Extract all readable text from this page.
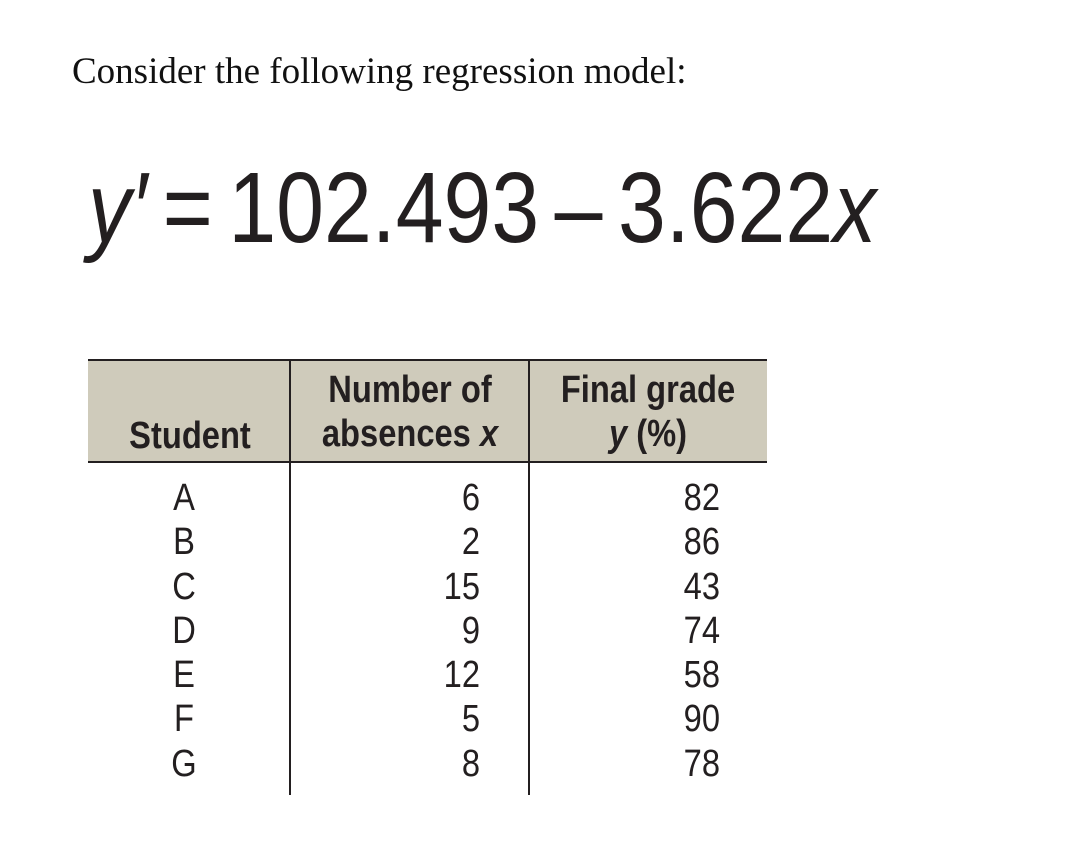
Consider the following regression model:

y′ = 102.493 – 3.622x
Student
Number of
absences x
Final grade
y (%)
A
B
C
D
E
F
G
6
2
15
9
12
5
8
82
86
43
74
58
90
78
